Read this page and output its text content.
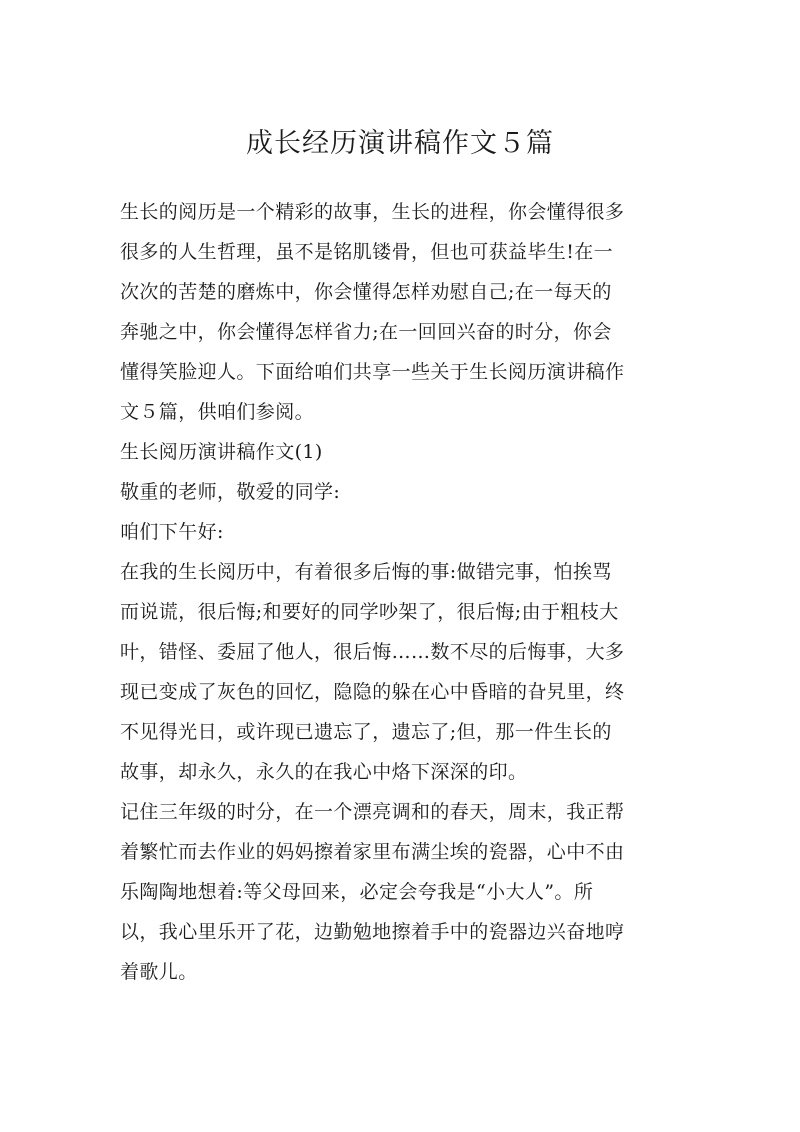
成长经历演讲稿作文５篇

生长的阅历是一个精彩的故事，生长的进程，你会懂得很多
很多的人生哲理，虽不是铭肌镂骨，但也可获益毕生!在一
次次的苦楚的磨炼中，你会懂得怎样劝慰自己;在一每天的
奔驰之中，你会懂得怎样省力;在一回回兴奋的时分，你会
懂得笑脸迎人。下面给咱们共享一些关于生长阅历演讲稿作
文５篇，供咱们参阅。

生长阅历演讲稿作文(1)

敬重的老师，敬爱的同学:

咱们下午好:

在我的生长阅历中，有着很多后悔的事:做错完事，怕挨骂
而说谎，很后悔;和要好的同学吵架了，很后悔;由于粗枝大
叶，错怪、委屈了他人，很后悔……数不尽的后悔事，大多
现已变成了灰色的回忆，隐隐的躲在心中昏暗的旮旯里，终
不见得光日，或许现已遗忘了，遗忘了;但，那一件生长的
故事，却永久，永久的在我心中烙下深深的印。

记住三年级的时分，在一个漂亮调和的春天，周末，我正帮
着繁忙而去作业的妈妈擦着家里布满尘埃的瓷器，心中不由
乐陶陶地想着:等父母回来，必定会夸我是“小大人”。所
以，我心里乐开了花，边勤勉地擦着手中的瓷器边兴奋地哼
着歌儿。
